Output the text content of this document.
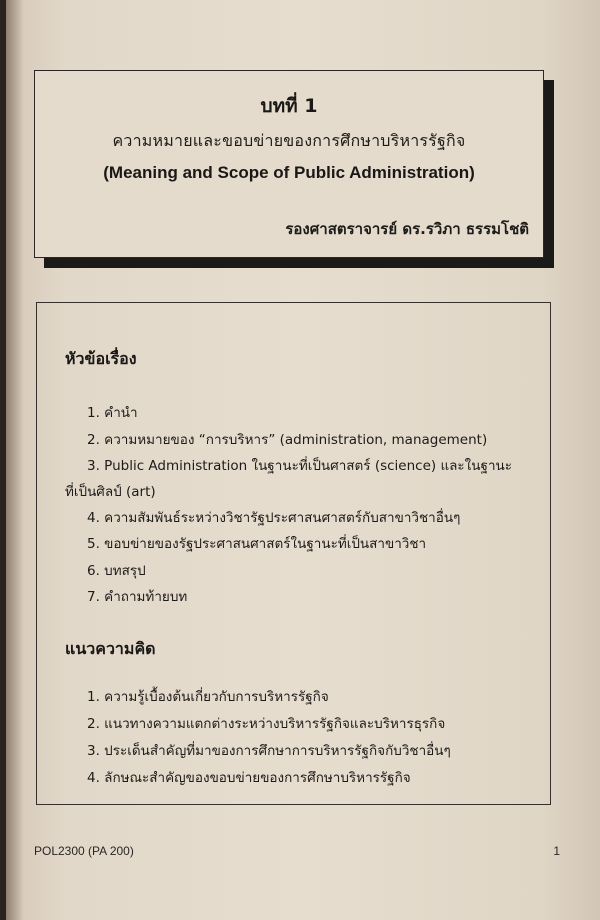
บทที่ 1
ความหมายและขอบข่ายของการศึกษาบริหารรัฐกิจ
(Meaning and Scope of Public Administration)
รองศาสตราจารย์ ดร.รวิภา ธรรมโชติ
หัวข้อเรื่อง
1. คำนำ
2. ความหมายของ “การบริหาร” (administration, management)
3. Public Administration ในฐานะที่เป็นศาสตร์ (science) และในฐานะ
ที่เป็นศิลป์ (art)
4. ความสัมพันธ์ระหว่างวิชารัฐประศาสนศาสตร์กับสาขาวิชาอื่นๆ
5. ขอบข่ายของรัฐประศาสนศาสตร์ในฐานะที่เป็นสาขาวิชา
6. บทสรุป
7. คำถามท้ายบท
แนวความคิด
1. ความรู้เบื้องต้นเกี่ยวกับการบริหารรัฐกิจ
2. แนวทางความแตกต่างระหว่างบริหารรัฐกิจและบริหารธุรกิจ
3. ประเด็นสำคัญที่มาของการศึกษาการบริหารรัฐกิจกับวิชาอื่นๆ
4. ลักษณะสำคัญของขอบข่ายของการศึกษาบริหารรัฐกิจ
POL2300 (PA 200)	1
